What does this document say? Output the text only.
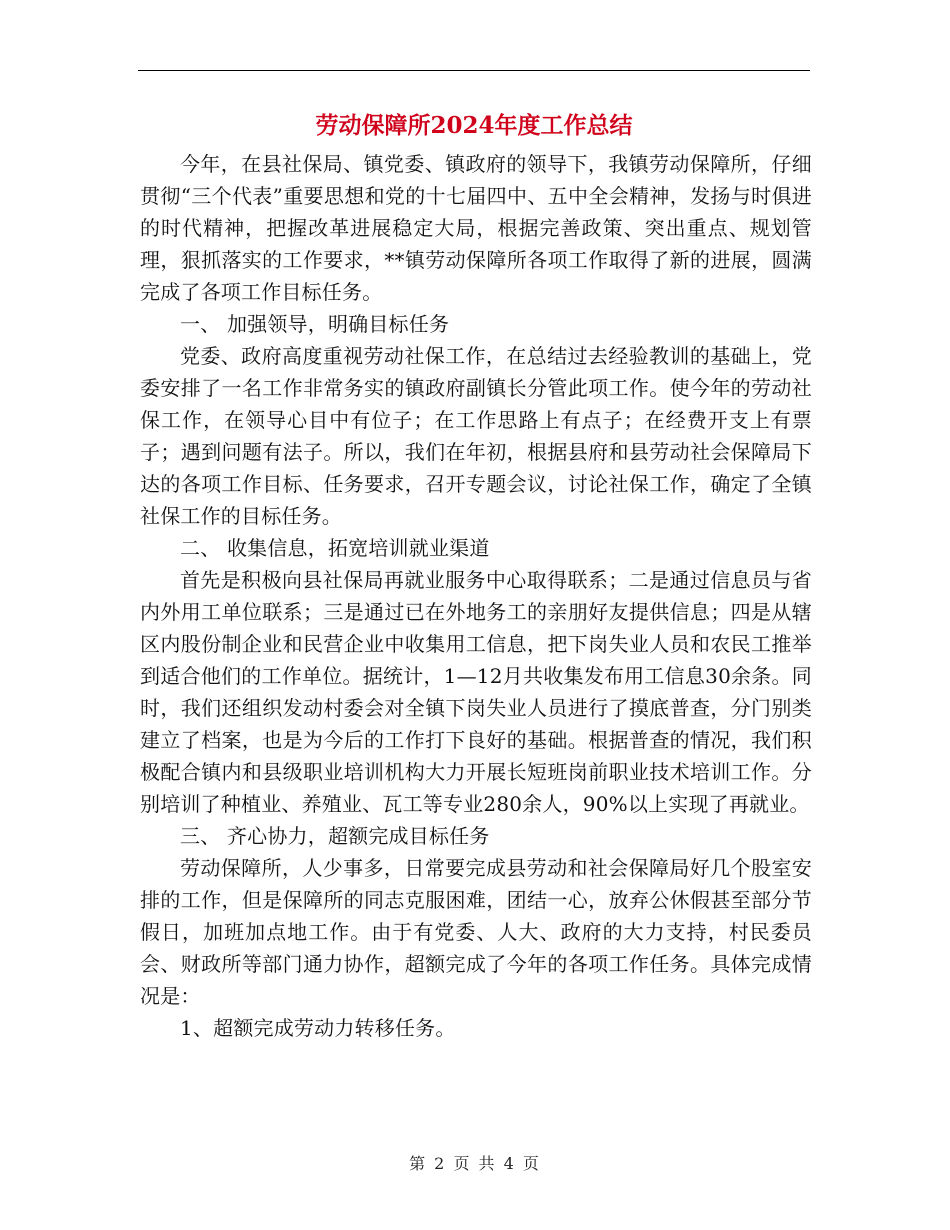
劳动保障所2024年度工作总结

今年，在县社保局、镇党委、镇政府的领导下，我镇劳动保障所，仔细贯彻“三个代表”重要思想和党的十七届四中、五中全会精神，发扬与时俱进的时代精神，把握改革进展稳定大局，根据完善政策、突出重点、规划管理，狠抓落实的工作要求，**镇劳动保障所各项工作取得了新的进展，圆满完成了各项工作目标任务。

一、 加强领导，明确目标任务

党委、政府高度重视劳动社保工作，在总结过去经验教训的基础上，党委安排了一名工作非常务实的镇政府副镇长分管此项工作。使今年的劳动社保工作，在领导心目中有位子；在工作思路上有点子；在经费开支上有票子；遇到问题有法子。所以，我们在年初，根据县府和县劳动社会保障局下达的各项工作目标、任务要求，召开专题会议，讨论社保工作，确定了全镇社保工作的目标任务。

二、 收集信息，拓宽培训就业渠道

首先是积极向县社保局再就业服务中心取得联系；二是通过信息员与省内外用工单位联系；三是通过已在外地务工的亲朋好友提供信息；四是从辖区内股份制企业和民营企业中收集用工信息，把下岗失业人员和农民工推举到适合他们的工作单位。据统计，1—12月共收集发布用工信息30余条。同时，我们还组织发动村委会对全镇下岗失业人员进行了摸底普查，分门别类建立了档案，也是为今后的工作打下良好的基础。根据普查的情况，我们积极配合镇内和县级职业培训机构大力开展长短班岗前职业技术培训工作。分别培训了种植业、养殖业、瓦工等专业280余人，90%以上实现了再就业。

三、 齐心协力，超额完成目标任务

劳动保障所，人少事多，日常要完成县劳动和社会保障局好几个股室安排的工作，但是保障所的同志克服困难，团结一心，放弃公休假甚至部分节假日，加班加点地工作。由于有党委、人大、政府的大力支持，村民委员会、财政所等部门通力协作，超额完成了今年的各项工作任务。具体完成情况是：

1、超额完成劳动力转移任务。

第 2 页 共 4 页
